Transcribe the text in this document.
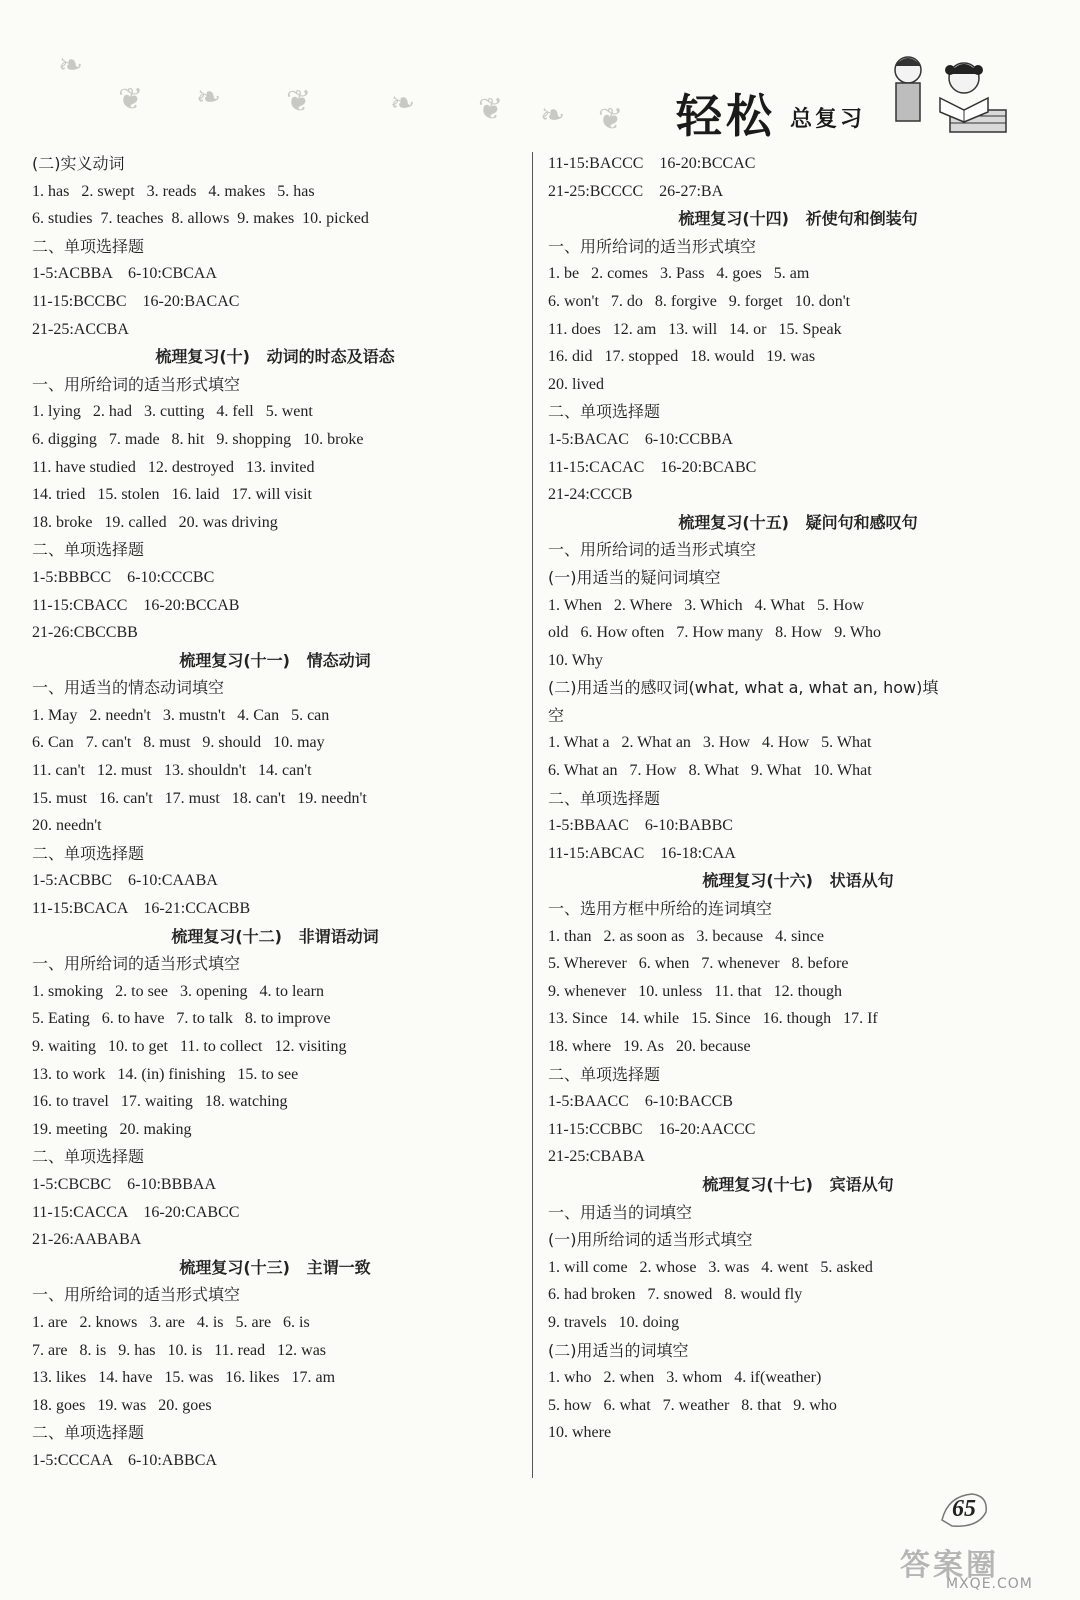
❧
❦ ❧ ❦	❧ ❦ ❧ ❦ 轻松 总复习
(二)实义动词
1. has   2. swept   3. reads   4. makes   5. has
6. studies  7. teaches  8. allows  9. makes  10. picked
二、单项选择题
1-5:ACBBA    6-10:CBCAA
11-15:BCCBC    16-20:BACAC
21-25:ACCBA
梳理复习(十)   动词的时态及语态
一、用所给词的适当形式填空
1. lying   2. had   3. cutting   4. fell   5. went
6. digging   7. made   8. hit   9. shopping   10. broke
11. have studied   12. destroyed   13. invited
14. tried   15. stolen   16. laid   17. will visit
18. broke   19. called   20. was driving
二、单项选择题
1-5:BBBCC    6-10:CCCBC
11-15:CBACC    16-20:BCCAB
21-26:CBCCBB
梳理复习(十一)   情态动词
一、用适当的情态动词填空
1. May   2. needn't   3. mustn't   4. Can   5. can
6. Can   7. can't   8. must   9. should   10. may
11. can't   12. must   13. shouldn't   14. can't
15. must   16. can't   17. must   18. can't   19. needn't
20. needn't
二、单项选择题
1-5:ACBBC    6-10:CAABA
11-15:BCACA    16-21:CCACBB
梳理复习(十二)   非谓语动词
一、用所给词的适当形式填空
1. smoking   2. to see   3. opening   4. to learn
5. Eating   6. to have   7. to talk   8. to improve
9. waiting   10. to get   11. to collect   12. visiting
13. to work   14. (in) finishing   15. to see
16. to travel   17. waiting   18. watching
19. meeting   20. making
二、单项选择题
1-5:CBCBC    6-10:BBBAA
11-15:CACCA    16-20:CABCC
21-26:AABABA
梳理复习(十三)   主谓一致
一、用所给词的适当形式填空
1. are   2. knows   3. are   4. is   5. are   6. is
7. are   8. is   9. has   10. is   11. read   12. was
13. likes   14. have   15. was   16. likes   17. am
18. goes   19. was   20. goes
二、单项选择题
1-5:CCCAA    6-10:ABBCA
11-15:BACCC    16-20:BCCAC
21-25:BCCCC    26-27:BA
梳理复习(十四)   祈使句和倒装句
一、用所给词的适当形式填空
1. be   2. comes   3. Pass   4. goes   5. am
6. won't   7. do   8. forgive   9. forget   10. don't
11. does   12. am   13. will   14. or   15. Speak
16. did   17. stopped   18. would   19. was
20. lived
二、单项选择题
1-5:BACAC    6-10:CCBBA
11-15:CACAC    16-20:BCABC
21-24:CCCB
梳理复习(十五)   疑问句和感叹句
一、用所给词的适当形式填空
(一)用适当的疑问词填空
1. When   2. Where   3. Which   4. What   5. How
old   6. How often   7. How many   8. How   9. Who
10. Why
(二)用适当的感叹词(what, what a, what an, how)填
空
1. What a   2. What an   3. How   4. How   5. What
6. What an   7. How   8. What   9. What   10. What
二、单项选择题
1-5:BBAAC    6-10:BABBC
11-15:ABCAC    16-18:CAA
梳理复习(十六)   状语从句
一、选用方框中所给的连词填空
1. than   2. as soon as   3. because   4. since
5. Wherever   6. when   7. whenever   8. before
9. whenever   10. unless   11. that   12. though
13. Since   14. while   15. Since   16. though   17. If
18. where   19. As   20. because
二、单项选择题
1-5:BAACC    6-10:BACCB
11-15:CCBBC    16-20:AACCC
21-25:CBABA
梳理复习(十七)   宾语从句
一、用适当的词填空
(一)用所给词的适当形式填空
1. will come   2. whose   3. was   4. went   5. asked
6. had broken   7. snowed   8. would fly
9. travels   10. doing
(二)用适当的词填空
1. who   2. when   3. whom   4. if(weather)
5. how   6. what   7. weather   8. that   9. who
10. where
65
答案圈
MXQE.COM
